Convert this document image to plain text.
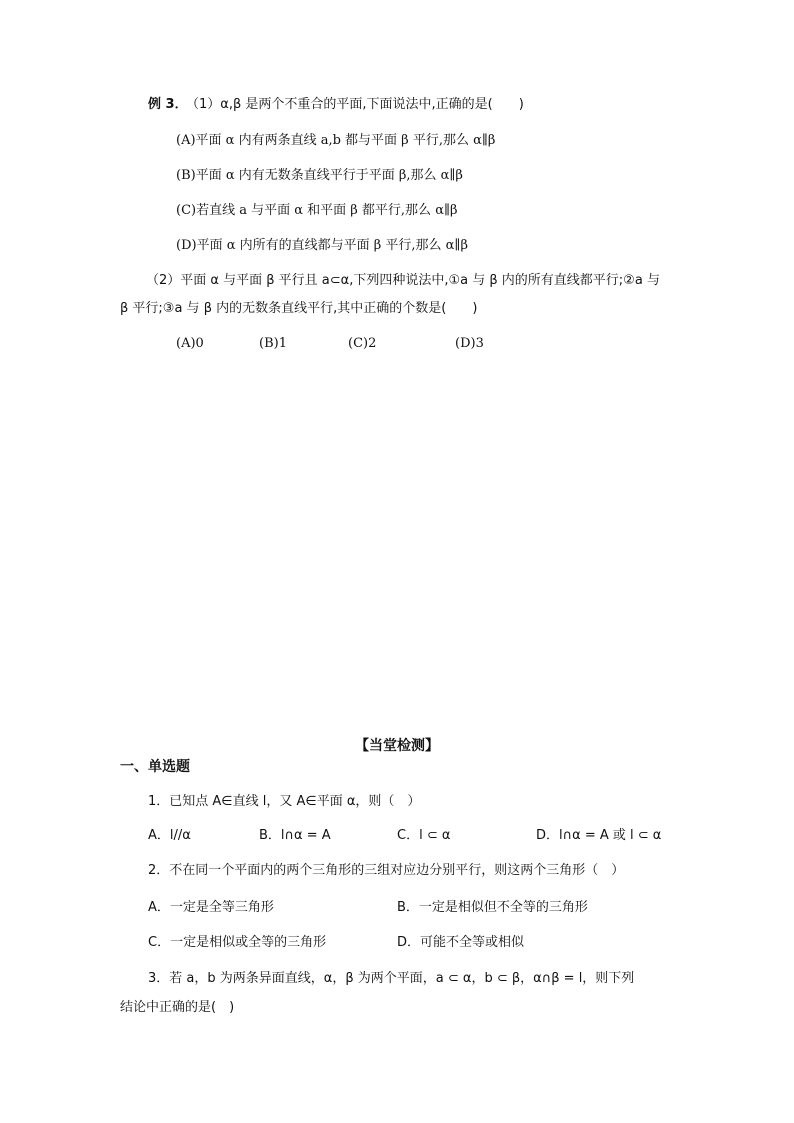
例 3．
（1）α,β 是两个不重合的平面,下面说法中,正确的是(　　)
(A)平面 α 内有两条直线 a,b 都与平面 β 平行,那么 α∥β
(B)平面 α 内有无数条直线平行于平面 β,那么 α∥β
(C)若直线 a 与平面 α 和平面 β 都平行,那么 α∥β
(D)平面 α 内所有的直线都与平面 β 平行,那么 α∥β
（2）平面 α 与平面 β 平行且 a⊂α,下列四种说法中,①a 与 β 内的所有直线都平行;②a 与
β 平行;③a 与 β 内的无数条直线平行,其中正确的个数是(　　)
(A)0	(B)1	(C)2	(D)3
【当堂检测】
一、单选题
1．已知点 A∈直线 l，又 A∈平面 α，则（　）
A．l//α	B．l∩α = A	C．l ⊂ α	D．l∩α = A 或 l ⊂ α
2．不在同一个平面内的两个三角形的三组对应边分别平行，则这两个三角形（　）
A．一定是全等三角形	B．一定是相似但不全等的三角形
C．一定是相似或全等的三角形	D．可能不全等或相似
3．若 a，b 为两条异面直线，α，β 为两个平面，a ⊂ α，b ⊂ β，α∩β = l，则下列
结论中正确的是(　)
